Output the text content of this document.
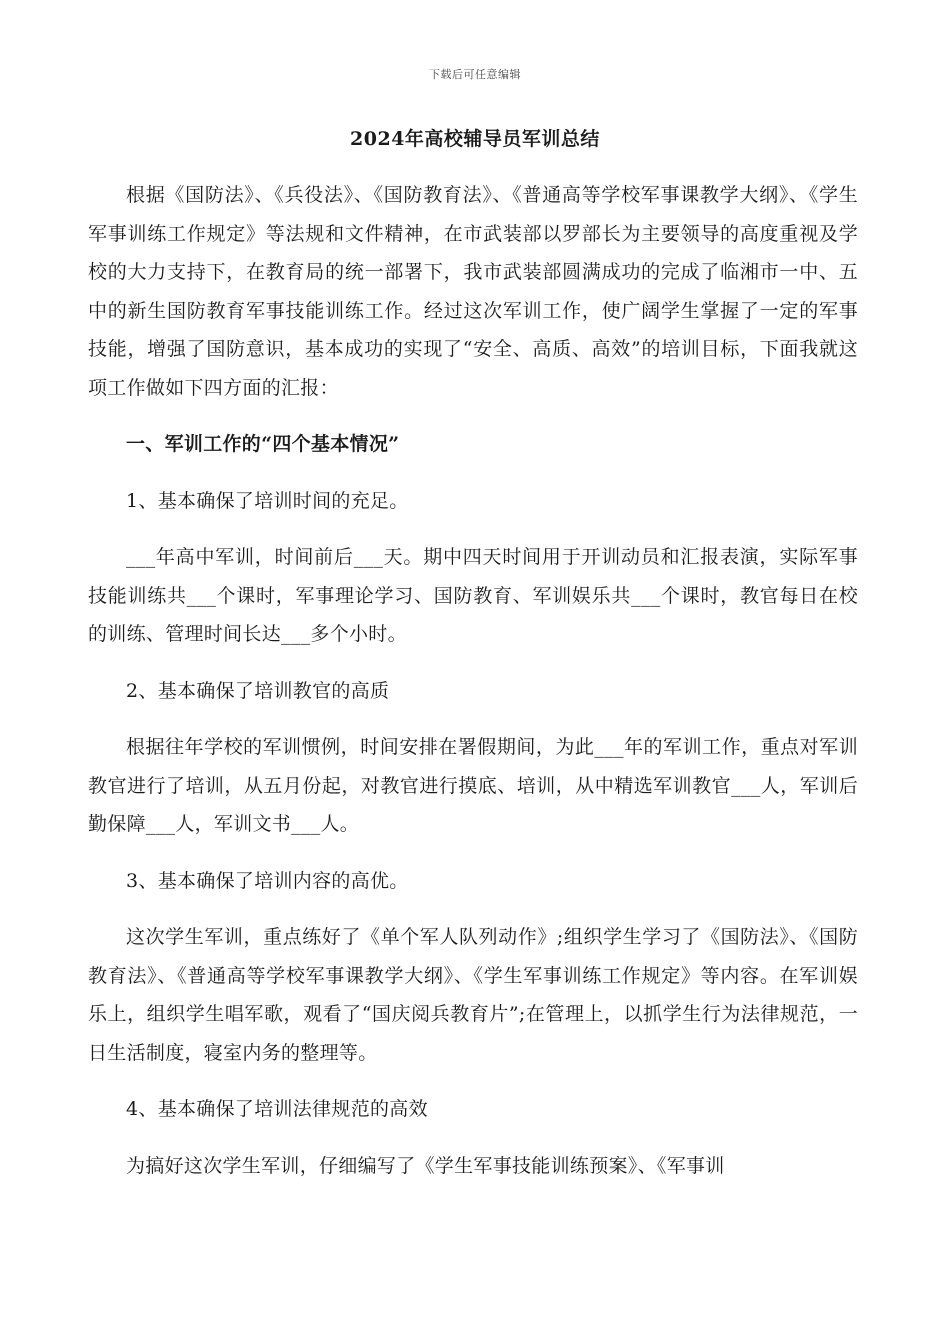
下载后可任意编辑
2024年高校辅导员军训总结

根据《国防法》、《兵役法》、《国防教育法》、《普通高等学校军事课教学大纲》、《学生军事训练工作规定》等法规和文件精神，在市武装部以罗部长为主要领导的高度重视及学校的大力支持下，在教育局的统一部署下，我市武装部圆满成功的完成了临湘市一中、五中的新生国防教育军事技能训练工作。经过这次军训工作，使广阔学生掌握了一定的军事技能，增强了国防意识，基本成功的实现了“安全、高质、高效”的培训目标，下面我就这项工作做如下四方面的汇报：

一、军训工作的“四个基本情况”

1、基本确保了培训时间的充足。

___年高中军训，时间前后___天。期中四天时间用于开训动员和汇报表演，实际军事技能训练共___个课时，军事理论学习、国防教育、军训娱乐共___个课时，教官每日在校的训练、管理时间长达___多个小时。

2、基本确保了培训教官的高质

根据往年学校的军训惯例，时间安排在署假期间，为此___年的军训工作，重点对军训教官进行了培训，从五月份起，对教官进行摸底、培训，从中精选军训教官___人，军训后勤保障___人，军训文书___人。

3、基本确保了培训内容的高优。

这次学生军训，重点练好了《单个军人队列动作》;组织学生学习了《国防法》、《国防教育法》、《普通高等学校军事课教学大纲》、《学生军事训练工作规定》等内容。在军训娱乐上，组织学生唱军歌，观看了“国庆阅兵教育片”;在管理上，以抓学生行为法律规范，一日生活制度，寝室内务的整理等。

4、基本确保了培训法律规范的高效

为搞好这次学生军训，仔细编写了《学生军事技能训练预案》、《军事训
